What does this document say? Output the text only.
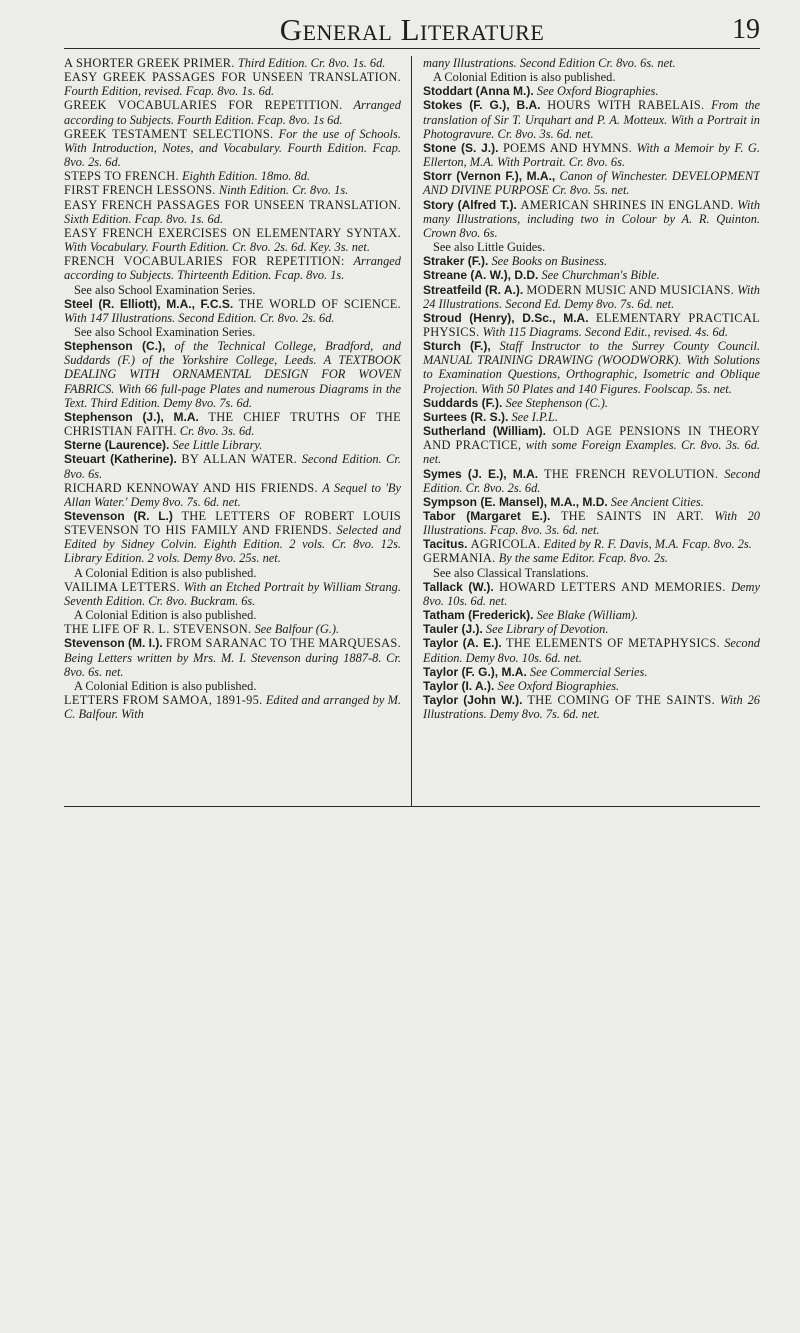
General Literature	19

A SHORTER GREEK PRIMER. Third Edition. Cr. 8vo. 1s. 6d.

EASY GREEK PASSAGES FOR UNSEEN TRANSLATION. Fourth Edition, revised. Fcap. 8vo. 1s. 6d.

GREEK VOCABULARIES FOR REPETITION. Arranged according to Subjects. Fourth Edition. Fcap. 8vo. 1s 6d.

GREEK TESTAMENT SELECTIONS. For the use of Schools. With Introduction, Notes, and Vocabulary. Fourth Edition. Fcap. 8vo. 2s. 6d.

STEPS TO FRENCH. Eighth Edition. 18mo. 8d.

FIRST FRENCH LESSONS. Ninth Edition. Cr. 8vo. 1s.

EASY FRENCH PASSAGES FOR UNSEEN TRANSLATION. Sixth Edition. Fcap. 8vo. 1s. 6d.

EASY FRENCH EXERCISES ON ELEMENTARY SYNTAX. With Vocabulary. Fourth Edition. Cr. 8vo. 2s. 6d. Key. 3s. net.

FRENCH VOCABULARIES FOR REPETITION: Arranged according to Subjects. Thirteenth Edition. Fcap. 8vo. 1s.

See also School Examination Series.

Steel (R. Elliott), M.A., F.C.S. THE WORLD OF SCIENCE. With 147 Illustrations. Second Edition. Cr. 8vo. 2s. 6d.

See also School Examination Series.

Stephenson (C.), of the Technical College, Bradford, and Suddards (F.) of the Yorkshire College, Leeds. A TEXTBOOK DEALING WITH ORNAMENTAL DESIGN FOR WOVEN FABRICS. With 66 full-page Plates and numerous Diagrams in the Text. Third Edition. Demy 8vo. 7s. 6d.

Stephenson (J.), M.A. THE CHIEF TRUTHS OF THE CHRISTIAN FAITH. Cr. 8vo. 3s. 6d.

Sterne (Laurence). See Little Library.

Steuart (Katherine). BY ALLAN WATER. Second Edition. Cr. 8vo. 6s.

RICHARD KENNOWAY AND HIS FRIENDS. A Sequel to 'By Allan Water.' Demy 8vo. 7s. 6d. net.

Stevenson (R. L.) THE LETTERS OF ROBERT LOUIS STEVENSON TO HIS FAMILY AND FRIENDS. Selected and Edited by Sidney Colvin. Eighth Edition. 2 vols. Cr. 8vo. 12s. Library Edition. 2 vols. Demy 8vo. 25s. net.

A Colonial Edition is also published.

VAILIMA LETTERS. With an Etched Portrait by William Strang. Seventh Edition. Cr. 8vo. Buckram. 6s.

A Colonial Edition is also published.

THE LIFE OF R. L. STEVENSON. See Balfour (G.).

Stevenson (M. I.). FROM SARANAC TO THE MARQUESAS. Being Letters written by Mrs. M. I. Stevenson during 1887-8. Cr. 8vo. 6s. net.

A Colonial Edition is also published.

LETTERS FROM SAMOA, 1891-95. Edited and arranged by M. C. Balfour. With

many Illustrations. Second Edition Cr. 8vo. 6s. net.

A Colonial Edition is also published.

Stoddart (Anna M.). See Oxford Biographies.

Stokes (F. G.), B.A. HOURS WITH RABELAIS. From the translation of Sir T. Urquhart and P. A. Motteux. With a Portrait in Photogravure. Cr. 8vo. 3s. 6d. net.

Stone (S. J.). POEMS AND HYMNS. With a Memoir by F. G. Ellerton, M.A. With Portrait. Cr. 8vo. 6s.

Storr (Vernon F.), M.A., Canon of Winchester. DEVELOPMENT AND DIVINE PURPOSE Cr. 8vo. 5s. net.

Story (Alfred T.). AMERICAN SHRINES IN ENGLAND. With many Illustrations, including two in Colour by A. R. Quinton. Crown 8vo. 6s.

See also Little Guides.

Straker (F.). See Books on Business.

Streane (A. W.), D.D. See Churchman's Bible.

Streatfeild (R. A.). MODERN MUSIC AND MUSICIANS. With 24 Illustrations. Second Ed. Demy 8vo. 7s. 6d. net.

Stroud (Henry), D.Sc., M.A. ELEMENTARY PRACTICAL PHYSICS. With 115 Diagrams. Second Edit., revised. 4s. 6d.

Sturch (F.), Staff Instructor to the Surrey County Council. MANUAL TRAINING DRAWING (WOODWORK). With Solutions to Examination Questions, Orthographic, Isometric and Oblique Projection. With 50 Plates and 140 Figures. Foolscap. 5s. net.

Suddards (F.). See Stephenson (C.).

Surtees (R. S.). See I.P.L.

Sutherland (William). OLD AGE PENSIONS IN THEORY AND PRACTICE, with some Foreign Examples. Cr. 8vo. 3s. 6d. net.

Symes (J. E.), M.A. THE FRENCH REVOLUTION. Second Edition. Cr. 8vo. 2s. 6d.

Sympson (E. Mansel), M.A., M.D. See Ancient Cities.

Tabor (Margaret E.). THE SAINTS IN ART. With 20 Illustrations. Fcap. 8vo. 3s. 6d. net.

Tacitus. AGRICOLA. Edited by R. F. Davis, M.A. Fcap. 8vo. 2s.

GERMANIA. By the same Editor. Fcap. 8vo. 2s.

See also Classical Translations.

Tallack (W.). HOWARD LETTERS AND MEMORIES. Demy 8vo. 10s. 6d. net.

Tatham (Frederick). See Blake (William).

Tauler (J.). See Library of Devotion.

Taylor (A. E.). THE ELEMENTS OF METAPHYSICS. Second Edition. Demy 8vo. 10s. 6d. net.

Taylor (F. G.), M.A. See Commercial Series.

Taylor (I. A.). See Oxford Biographies.

Taylor (John W.). THE COMING OF THE SAINTS. With 26 Illustrations. Demy 8vo. 7s. 6d. net.
